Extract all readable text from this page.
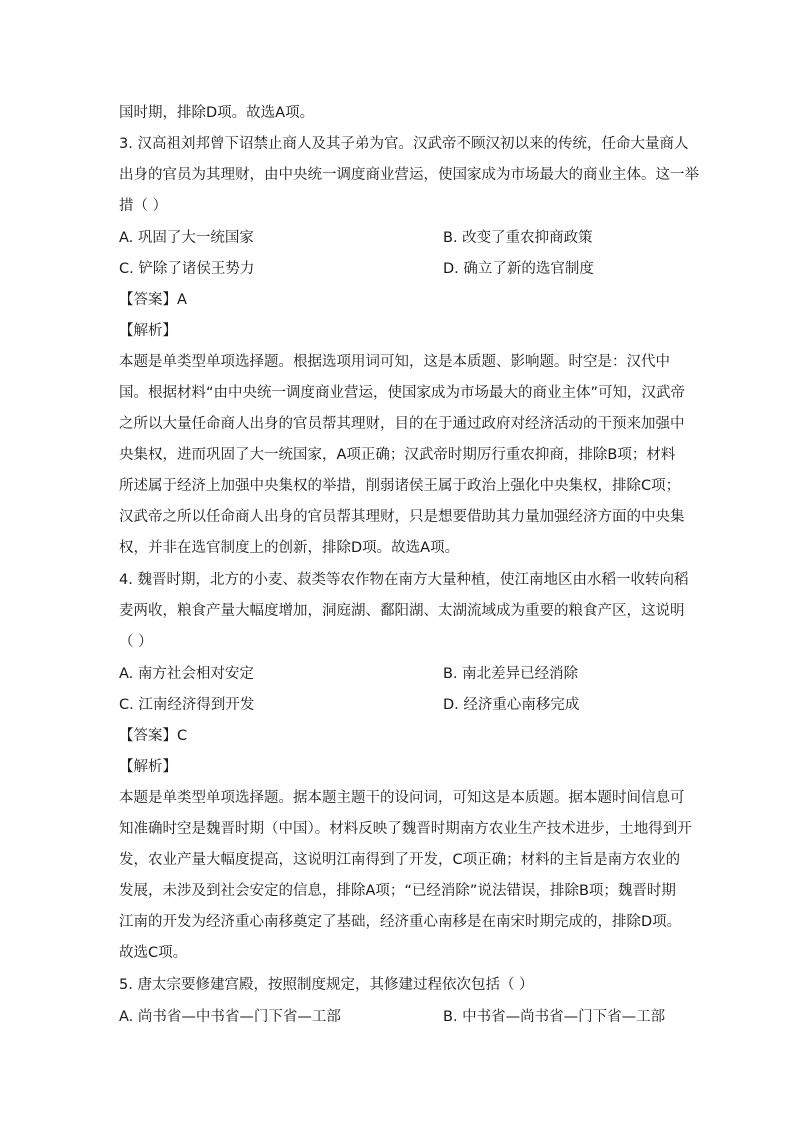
国时期，排除D项。故选A项。
3. 汉高祖刘邦曾下诏禁止商人及其子弟为官。汉武帝不顾汉初以来的传统，任命大量商人
出身的官员为其理财，由中央统一调度商业营运，使国家成为市场最大的商业主体。这一举
措（ ）
A. 巩固了大一统国家	B. 改变了重农抑商政策
C. 铲除了诸侯王势力	D. 确立了新的选官制度
【答案】A
【解析】
本题是单类型单项选择题。根据选项用词可知，这是本质题、影响题。时空是：汉代中
国。根据材料“由中央统一调度商业营运，使国家成为市场最大的商业主体”可知，汉武帝
之所以大量任命商人出身的官员帮其理财，目的在于通过政府对经济活动的干预来加强中
央集权，进而巩固了大一统国家，A项正确；汉武帝时期厉行重农抑商，排除B项；材料
所述属于经济上加强中央集权的举措，削弱诸侯王属于政治上强化中央集权，排除C项；
汉武帝之所以任命商人出身的官员帮其理财，只是想要借助其力量加强经济方面的中央集
权，并非在选官制度上的创新，排除D项。故选A项。
4. 魏晋时期，北方的小麦、菽类等农作物在南方大量种植，使江南地区由水稻一收转向稻
麦两收，粮食产量大幅度增加，洞庭湖、鄱阳湖、太湖流域成为重要的粮食产区，这说明
（ ）
A. 南方社会相对安定	B. 南北差异已经消除
C. 江南经济得到开发	D. 经济重心南移完成
【答案】C
【解析】
本题是单类型单项选择题。据本题主题干的设问词，可知这是本质题。据本题时间信息可
知准确时空是魏晋时期（中国）。材料反映了魏晋时期南方农业生产技术进步，土地得到开
发，农业产量大幅度提高，这说明江南得到了开发，C项正确；材料的主旨是南方农业的
发展，未涉及到社会安定的信息，排除A项；“已经消除”说法错误，排除B项；魏晋时期
江南的开发为经济重心南移奠定了基础，经济重心南移是在南宋时期完成的，排除D项。
故选C项。
5. 唐太宗要修建宫殿，按照制度规定，其修建过程依次包括（ ）
A. 尚书省—中书省—门下省—工部	B. 中书省—尚书省—门下省—工部
